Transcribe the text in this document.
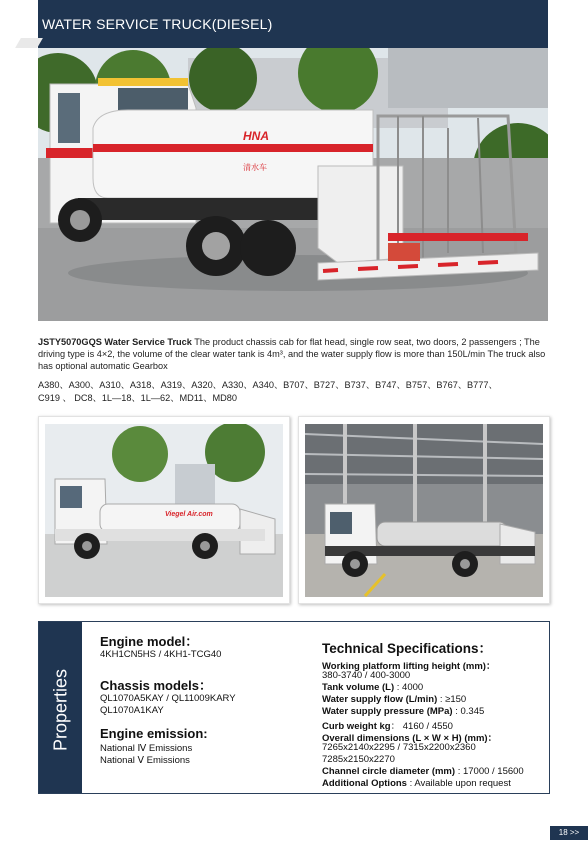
WATER SERVICE TRUCK(DIESEL)
HNA
清水车
JSTY5070GQS Water Service Truck The product chassis cab for flat head, single row seat, two doors, 2 passengers ; The driving type is 4×2, the volume of the clear water tank is 4m³, and the water supply flow is more than 150L/min The truck also has optional automatic Gearbox
A380、A300、A310、A318、A319、A320、A330、A340、B707、B727、B737、B747、B757、B767、B777、
C919 、 DC8、1L—18、1L—62、MD11、MD80
Viegel Air.com
Properties
Engine model：
4KH1CN5HS / 4KH1-TCG40
Chassis models：
QL1070A5KAY / QL11009KARY
QL1070A1KAY
Engine emission:
National Ⅳ Emissions
National Ⅴ Emissions
Technical Specifications：
Working platform lifting height (mm)：
380-3740 / 400-3000
Tank volume (L) : 4000
Water supply flow (L/min) : ≥150
Water supply pressure (MPa) : 0.345
Curb weight kg： 4160 / 4550
Overall dimensions (L × W × H) (mm)：
7265x2140x2295 / 7315x2200x2360
7285x2150x2270
Channel circle diameter (mm) : 17000 / 15600
Additional Options : Available upon request
18 >>
